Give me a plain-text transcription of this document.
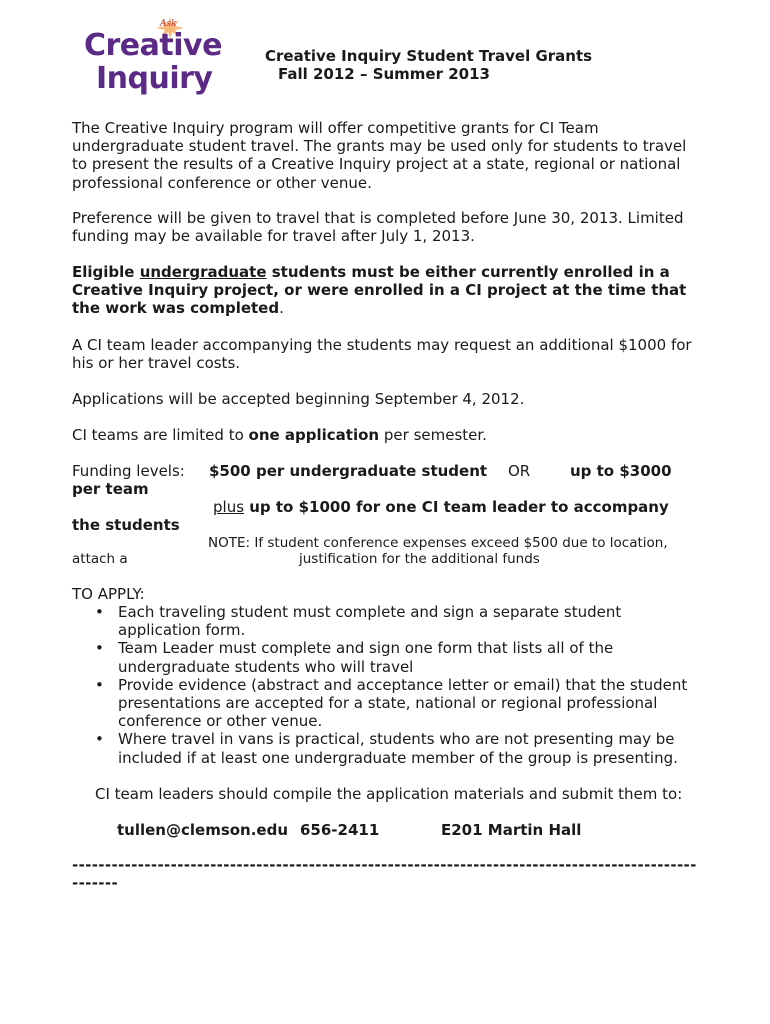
Ask
Creative
Inquiry
Creative Inquiry Student Travel Grants
Fall 2012 – Summer 2013
The Creative Inquiry program will offer competitive grants for CI Team
undergraduate student travel. The grants may be used only for students to travel
to present the results of a Creative Inquiry project at a state, regional or national
professional conference or other venue.
Preference will be given to travel that is completed before June 30, 2013. Limited
funding may be available for travel after July 1, 2013.
Eligible undergraduate students must be either currently enrolled in a
Creative Inquiry project, or were enrolled in a CI project at the time that
the work was completed.
A CI team leader accompanying the students may request an additional $1000 for
his or her travel costs.
Applications will be accepted beginning September 4, 2012.
CI teams are limited to one application per semester.
Funding levels: $500 per undergraduate student OR	up to $3000
per team
plus up to $1000 for one CI team leader to accompany
the students
NOTE: If student conference expenses exceed $500 due to location,
attach a	justification for the additional funds
TO APPLY:
• Each traveling student must complete and sign a separate student
application form.
• Team Leader must complete and sign one form that lists all of the
undergraduate students who will travel
• Provide evidence (abstract and acceptance letter or email) that the student
presentations are accepted for a state, national or regional professional
conference or other venue.
• Where travel in vans is practical, students who are not presenting may be
included if at least one undergraduate member of the group is presenting.
CI team leaders should compile the application materials and submit them to:
tullen@clemson.edu 656-2411	E201 Martin Hall
-----------------------------------------------------------------------------------------------
-------
